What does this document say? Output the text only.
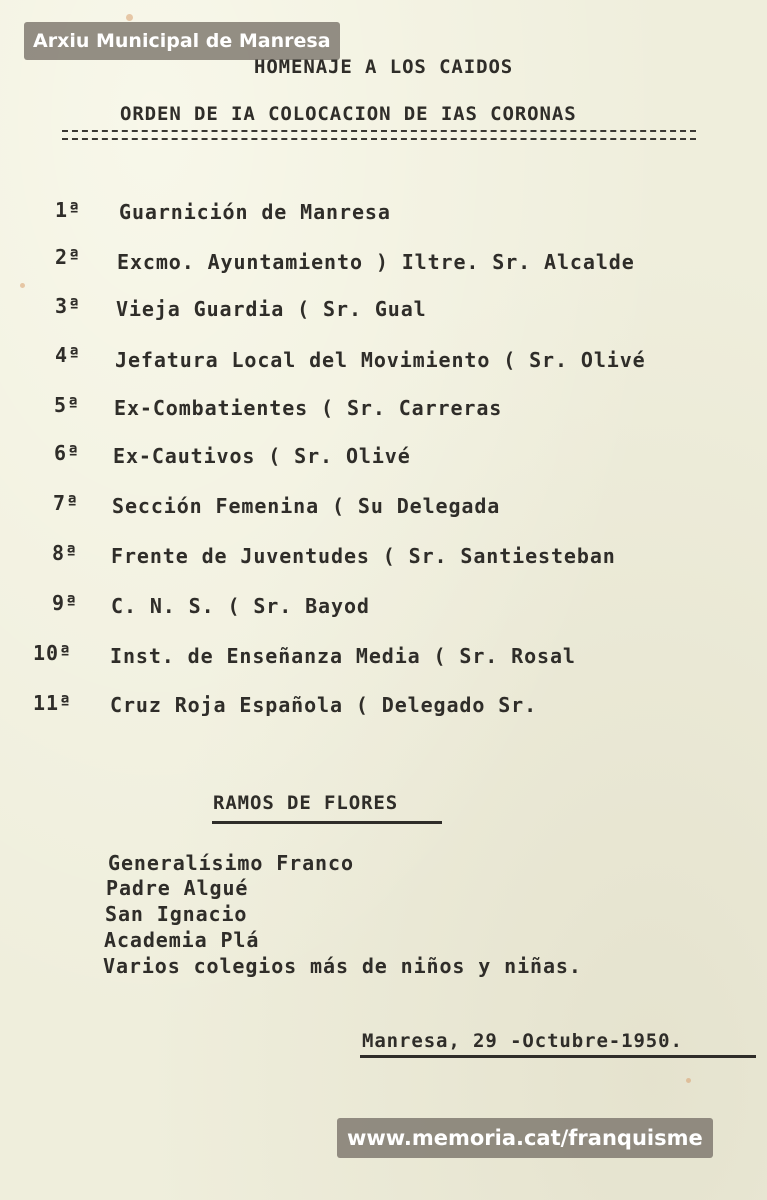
Arxiu Municipal de Manresa
HOMENAJE A LOS CAIDOS
ORDEN DE IA COLOCACION DE IAS CORONAS
1ª Guarnición de Manresa
2ª Excmo. Ayuntamiento ) Iltre. Sr. Alcalde
3ª Vieja Guardia ( Sr. Gual
4ª Jefatura Local del Movimiento ( Sr. Olivé
5ª Ex-Combatientes ( Sr. Carreras
6ª Ex-Cautivos ( Sr. Olivé
7ª Sección Femenina ( Su Delegada
8ª Frente de Juventudes ( Sr. Santiesteban
9ª C. N. S. ( Sr. Bayod
10ª Inst. de Enseñanza Media ( Sr. Rosal
11ª Cruz Roja Española ( Delegado Sr.
RAMOS DE FLORES
Generalísimo Franco
Padre Algué
San Ignacio
Academia Plá
Varios colegios más de niños y niñas.
Manresa, 29 -Octubre-1950.
www.memoria.cat/franquisme
